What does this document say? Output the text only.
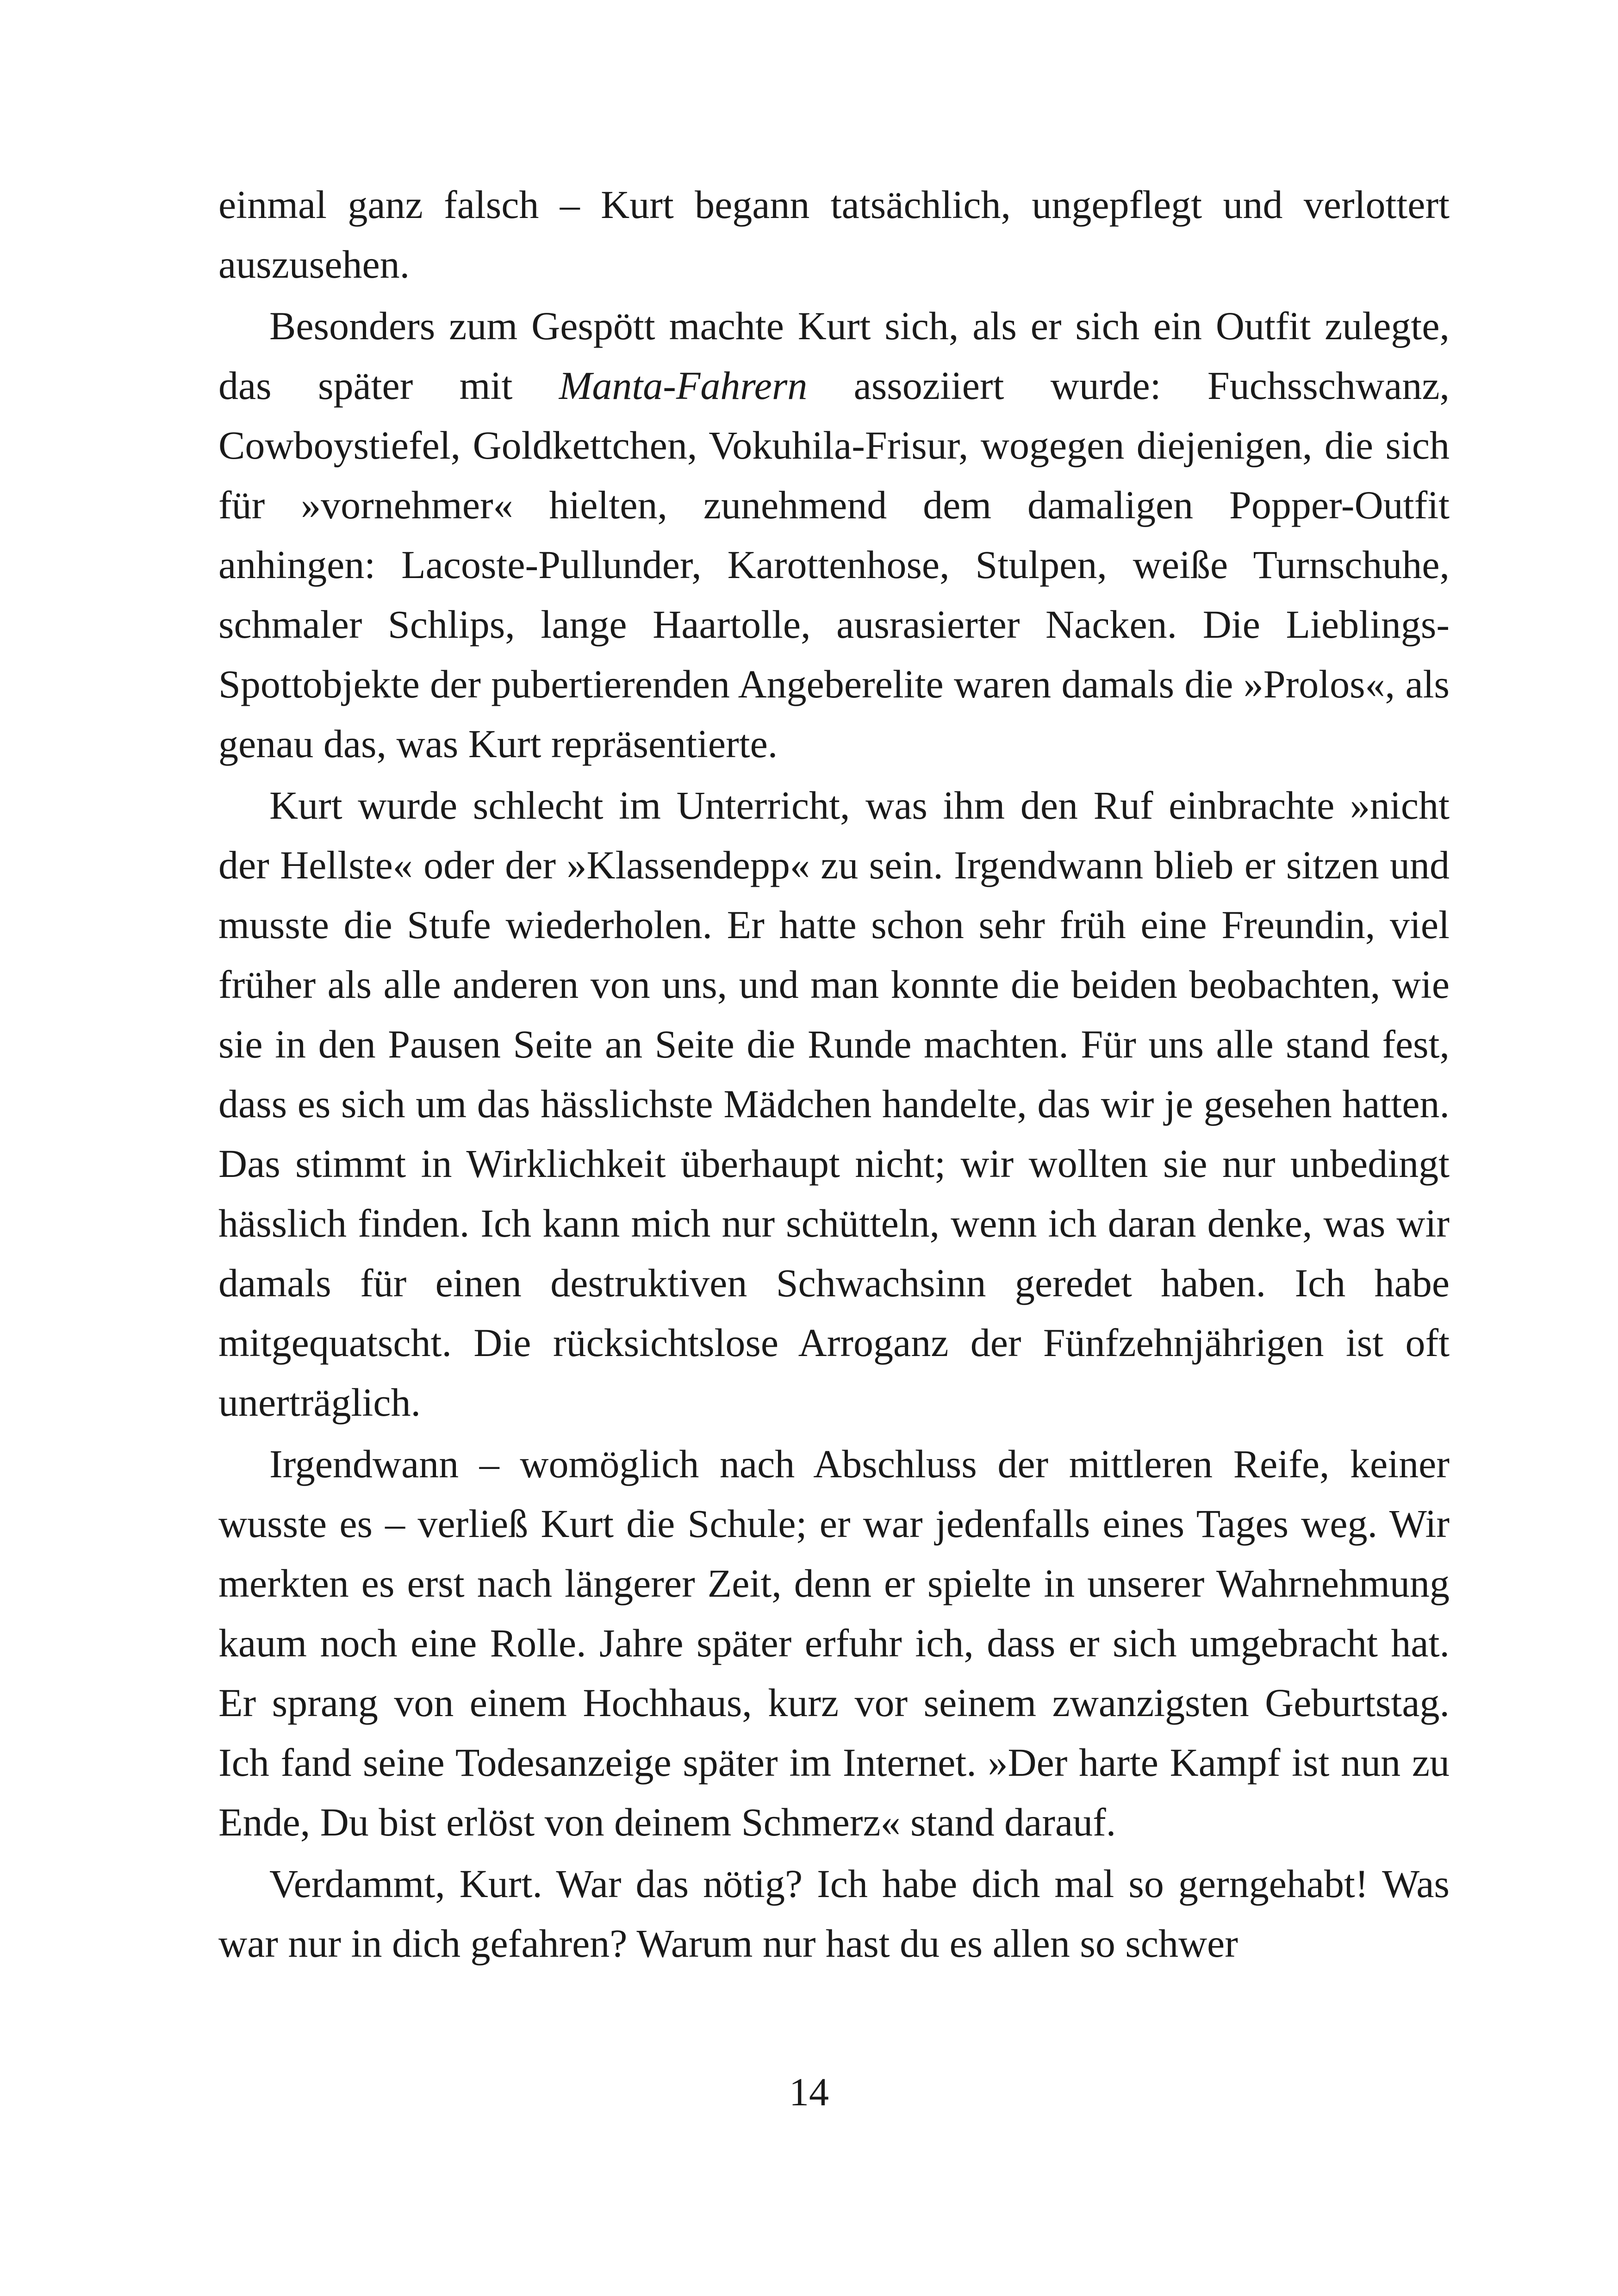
einmal ganz falsch – Kurt begann tatsächlich, ungepflegt und verlottert auszusehen.

Besonders zum Gespött machte Kurt sich, als er sich ein Outfit zulegte, das später mit Manta-Fahrern assoziiert wurde: Fuchsschwanz, Cowboystiefel, Goldkettchen, Vokuhila-Frisur, wogegen diejenigen, die sich für »vornehmer« hielten, zunehmend dem damaligen Popper-Outfit anhingen: Lacoste-Pullunder, Karottenhose, Stulpen, weiße Turnschuhe, schmaler Schlips, lange Haartolle, ausrasierter Nacken. Die Lieblings-Spottobjekte der pubertierenden Angeberelite waren damals die »Prolos«, als genau das, was Kurt repräsentierte.

Kurt wurde schlecht im Unterricht, was ihm den Ruf einbrachte »nicht der Hellste« oder der »Klassendepp« zu sein. Irgendwann blieb er sitzen und musste die Stufe wiederholen. Er hatte schon sehr früh eine Freundin, viel früher als alle anderen von uns, und man konnte die beiden beobachten, wie sie in den Pausen Seite an Seite die Runde machten. Für uns alle stand fest, dass es sich um das hässlichste Mädchen handelte, das wir je gesehen hatten. Das stimmt in Wirklichkeit überhaupt nicht; wir wollten sie nur unbedingt hässlich finden. Ich kann mich nur schütteln, wenn ich daran denke, was wir damals für einen destruktiven Schwachsinn geredet haben. Ich habe mitgequatscht. Die rücksichtslose Arroganz der Fünfzehnjährigen ist oft unerträglich.

Irgendwann – womöglich nach Abschluss der mittleren Reife, keiner wusste es – verließ Kurt die Schule; er war jedenfalls eines Tages weg. Wir merkten es erst nach längerer Zeit, denn er spielte in unserer Wahrnehmung kaum noch eine Rolle. Jahre später erfuhr ich, dass er sich umgebracht hat. Er sprang von einem Hochhaus, kurz vor seinem zwanzigsten Geburtstag. Ich fand seine Todesanzeige später im Internet. »Der harte Kampf ist nun zu Ende, Du bist erlöst von deinem Schmerz« stand darauf.

Verdammt, Kurt. War das nötig? Ich habe dich mal so gerngehabt! Was war nur in dich gefahren? Warum nur hast du es allen so schwer

14
